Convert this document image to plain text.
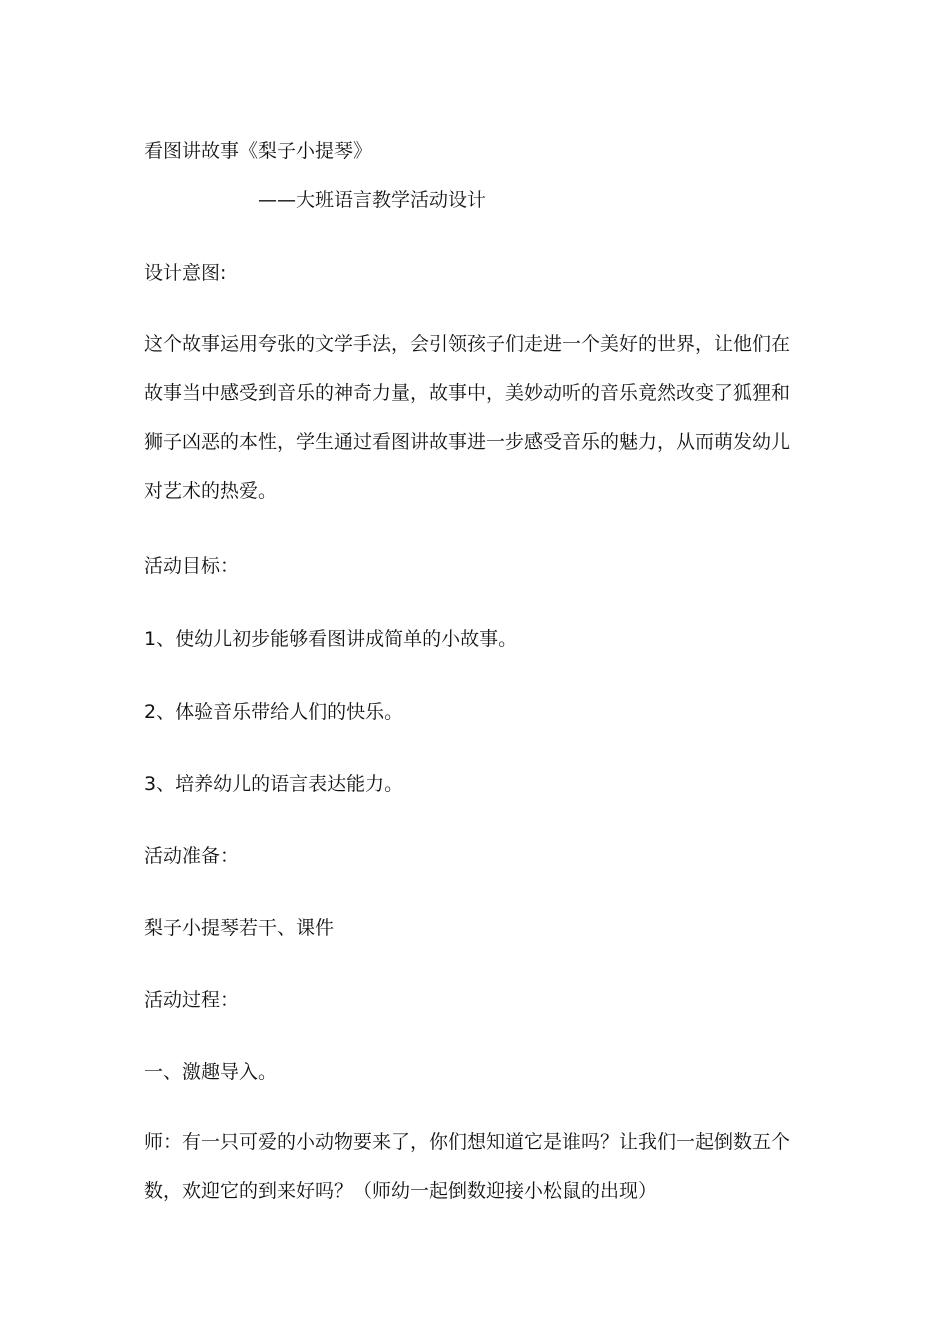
看图讲故事《梨子小提琴》
——大班语言教学活动设计
设计意图:
这个故事运用夸张的文学手法，会引领孩子们走进一个美好的世界，让他们在故事当中感受到音乐的神奇力量，故事中，美妙动听的音乐竟然改变了狐狸和狮子凶恶的本性，学生通过看图讲故事进一步感受音乐的魅力，从而萌发幼儿对艺术的热爱。
活动目标：
1、使幼儿初步能够看图讲成简单的小故事。
2、体验音乐带给人们的快乐。
3、培养幼儿的语言表达能力。
活动准备：
梨子小提琴若干、课件
活动过程：
一、激趣导入。
师：有一只可爱的小动物要来了，你们想知道它是谁吗？让我们一起倒数五个数，欢迎它的到来好吗？（师幼一起倒数迎接小松鼠的出现）
